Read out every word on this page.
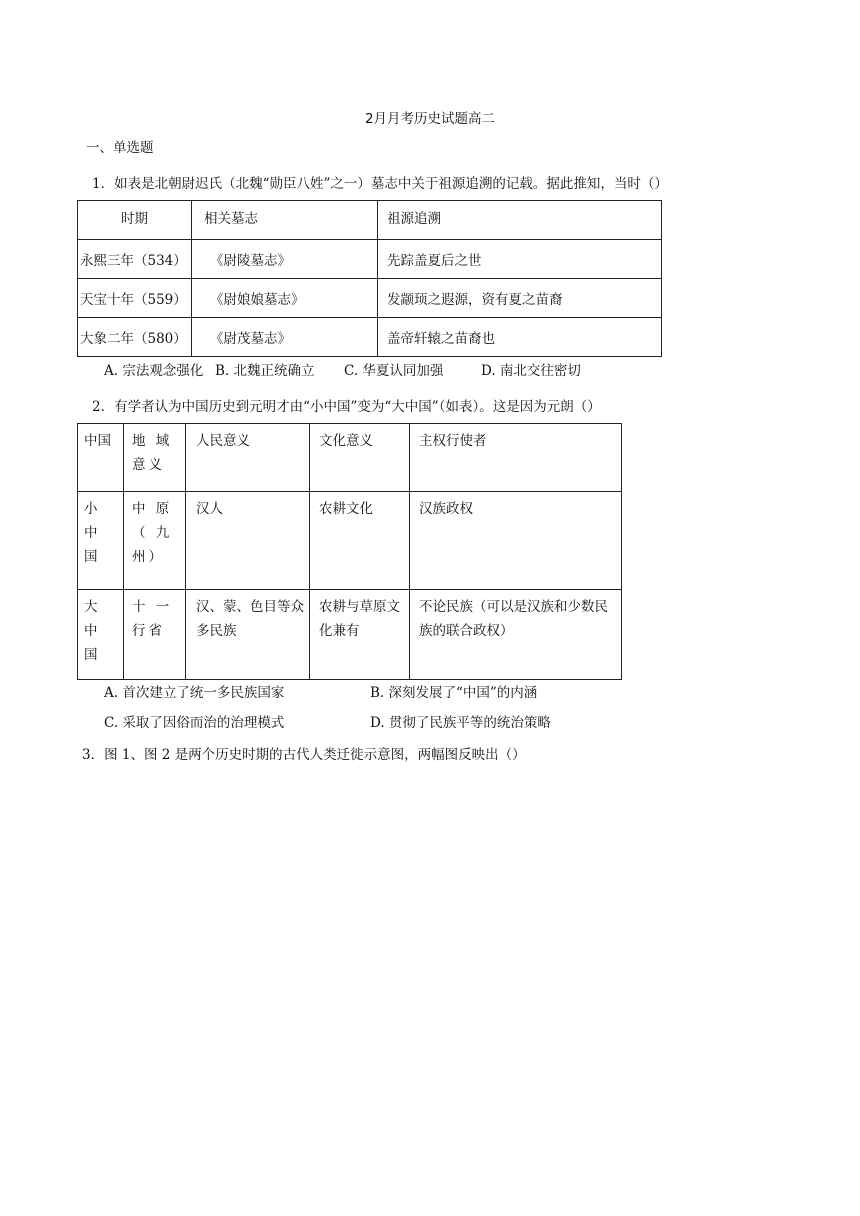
2月月考历史试题高二
一、单选题
1．如表是北朝尉迟氏（北魏“勋臣八姓”之一）墓志中关于祖源追溯的记载。据此推知，当时（）
时期	相关墓志	祖源追溯
永熙三年（534）	《尉陵墓志》	先踪盖夏后之世
天宝十年（559）	《尉娘娘墓志》	发颛顼之遐源，资有夏之苗裔
大象二年（580）	《尉茂墓志》	盖帝轩辕之苗裔也
A. 宗法观念强化 B. 北魏正统确立 C. 华夏认同加强	D. 南北交往密切
2．有学者认为中国历史到元明才由“小中国”变为“大中国”（如表）。这是因为元朗（）
中国	地 域 意义	人民意义	文化意义	主权行使者

小中国	中 原 （ 九 州）	汉人	农耕文化	汉族政权

大中国	十 一 行省	汉、蒙、色目等众多民族	农耕与草原文化兼有	不论民族（可以是汉族和少数民族的联合政权）
A. 首次建立了统一多民族国家	B. 深刻发展了“中国”的内涵
C. 采取了因俗而治的治理模式	D. 贯彻了民族平等的统治策略
3．图 1、图 2 是两个历史时期的古代人类迁徙示意图，两幅图反映出（）
